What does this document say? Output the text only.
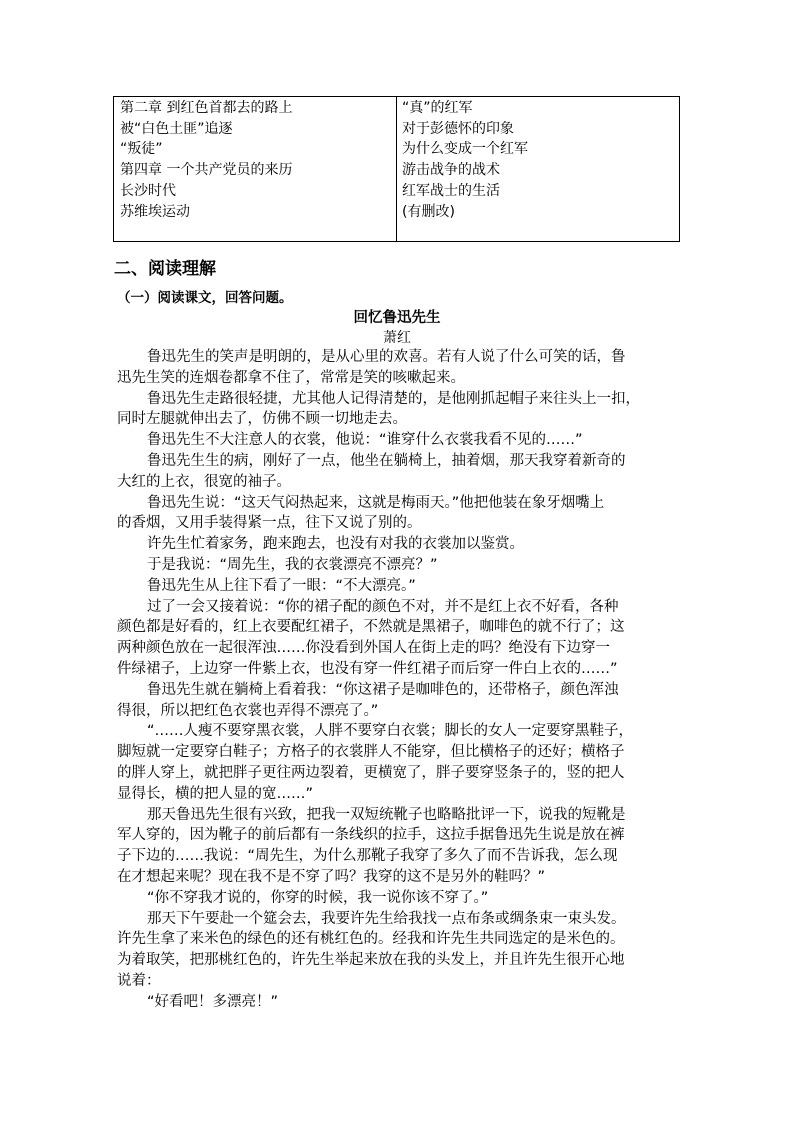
第二章 到红色首都去的路上
被“白色土匪”追逐
“叛徒”
第四章 一个共产党员的来历
长沙时代
苏维埃运动
“真”的红军
对于彭德怀的印象
为什么变成一个红军
游击战争的战术
红军战士的生活
(有删改)
二、阅读理解
（一）阅读课文，回答问题。
回忆鲁迅先生
萧红

鲁迅先生的笑声是明朗的，是从心里的欢喜。若有人说了什么可笑的话，鲁

迅先生笑的连烟卷都拿不住了，常常是笑的咳嗽起来。

鲁迅先生走路很轻捷，尤其他人记得清楚的，是他刚抓起帽子来往头上一扣，

同时左腿就伸出去了，仿佛不顾一切地走去。

鲁迅先生不大注意人的衣裳，他说：“谁穿什么衣裳我看不见的……”

鲁迅先生生的病，刚好了一点，他坐在躺椅上，抽着烟，那天我穿着新奇的

大红的上衣，很宽的袖子。

鲁迅先生说：“这天气闷热起来，这就是梅雨天。”他把他装在象牙烟嘴上

的香烟，又用手装得紧一点，往下又说了别的。

许先生忙着家务，跑来跑去，也没有对我的衣裳加以鉴赏。

于是我说：“周先生，我的衣裳漂亮不漂亮？”

鲁迅先生从上往下看了一眼：“不大漂亮。”

过了一会又接着说：“你的裙子配的颜色不对，并不是红上衣不好看，各种

颜色都是好看的，红上衣要配红裙子，不然就是黑裙子，咖啡色的就不行了；这

两种颜色放在一起很浑浊……你没看到外国人在街上走的吗？绝没有下边穿一

件绿裙子，上边穿一件紫上衣，也没有穿一件红裙子而后穿一件白上衣的……”

鲁迅先生就在躺椅上看着我：“你这裙子是咖啡色的，还带格子，颜色浑浊

得很，所以把红色衣裳也弄得不漂亮了。”

“……人瘦不要穿黑衣裳，人胖不要穿白衣裳；脚长的女人一定要穿黑鞋子，

脚短就一定要穿白鞋子；方格子的衣裳胖人不能穿，但比横格子的还好；横格子

的胖人穿上，就把胖子更往两边裂着，更横宽了，胖子要穿竖条子的，竖的把人

显得长，横的把人显的宽……”

那天鲁迅先生很有兴致，把我一双短统靴子也略略批评一下，说我的短靴是

军人穿的，因为靴子的前后都有一条线织的拉手，这拉手据鲁迅先生说是放在裤

子下边的……我说：“周先生，为什么那靴子我穿了多久了而不告诉我，怎么现

在才想起来呢？现在我不是不穿了吗？我穿的这不是另外的鞋吗？”

“你不穿我才说的，你穿的时候，我一说你该不穿了。”

那天下午要赴一个筵会去，我要许先生给我找一点布条或绸条束一束头发。

许先生拿了来米色的绿色的还有桃红色的。经我和许先生共同选定的是米色的。

为着取笑，把那桃红色的，许先生举起来放在我的头发上，并且许先生很开心地

说着：

“好看吧！多漂亮！”
